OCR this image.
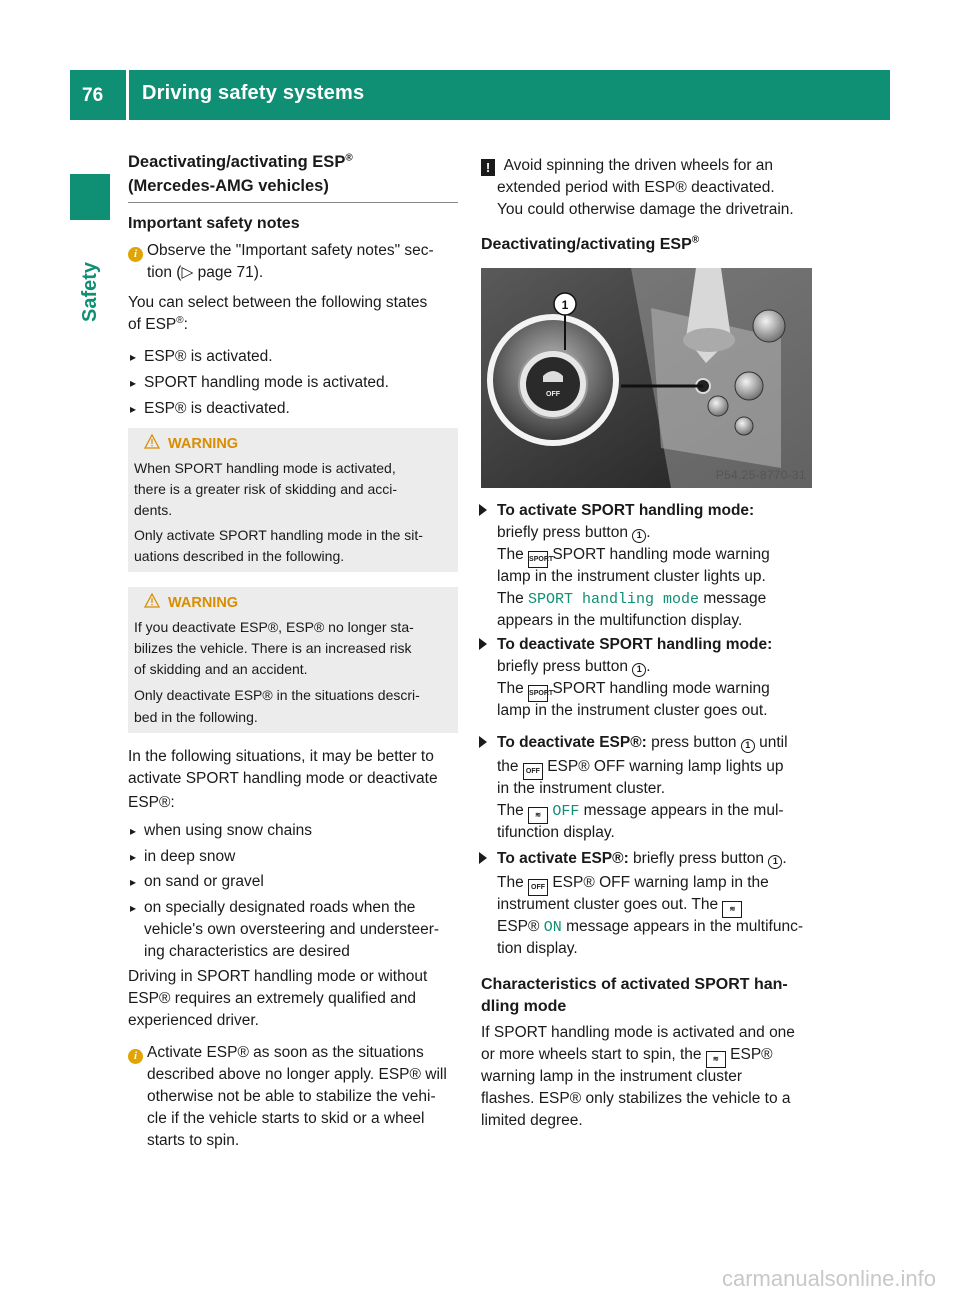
76 Driving safety systems
Safety
Deactivating/activating ESP®
(Mercedes-AMG vehicles)
Important safety notes
i Observe the "Important safety notes" sec-
tion (▷ page 71).
You can select between the following states
of ESP®:
▸ ESP® is activated.
▸ SPORT handling mode is activated.
▸ ESP® is deactivated.
WARNING
When SPORT handling mode is activated,
there is a greater risk of skidding and acci-
dents.
Only activate SPORT handling mode in the sit-
uations described in the following.
WARNING
If you deactivate ESP®, ESP® no longer sta-
bilizes the vehicle. There is an increased risk
of skidding and an accident.
Only deactivate ESP® in the situations descri-
bed in the following.
In the following situations, it may be better to
activate SPORT handling mode or deactivate
ESP®:
▸ when using snow chains
▸ in deep snow
▸ on sand or gravel
▸ on specially designated roads when the
vehicle's own oversteering and understeer-
ing characteristics are desired
Driving in SPORT handling mode or without
ESP® requires an extremely qualified and
experienced driver.
i Activate ESP® as soon as the situations
described above no longer apply. ESP® will
otherwise not be able to stabilize the vehi-
cle if the vehicle starts to skid or a wheel
starts to spin.
! Avoid spinning the driven wheels for an
extended period with ESP® deactivated.
You could otherwise damage the drivetrain.
Deactivating/activating ESP®
OFF
1
P54.25-8770-31
To activate SPORT handling mode:
briefly press button 1 .
The SPORT SPORT handling mode warning
lamp in the instrument cluster lights up.
The SPORT handling mode message
appears in the multifunction display.
To deactivate SPORT handling mode:
briefly press button 1 .
The SPORT SPORT handling mode warning
lamp in the instrument cluster goes out.
To deactivate ESP®: press button 1 until
the OFF ESP® OFF warning lamp lights up
in the instrument cluster.
The ≋ OFF message appears in the mul-
tifunction display.
To activate ESP®: briefly press button 1 .
The OFF ESP® OFF warning lamp in the
instrument cluster goes out. The ≋
ESP® ON message appears in the multifunc-
tion display.
Characteristics of activated SPORT han-
dling mode
If SPORT handling mode is activated and one
or more wheels start to spin, the ≋ ESP®
warning lamp in the instrument cluster
flashes. ESP® only stabilizes the vehicle to a
limited degree.
carmanualsonline.info
